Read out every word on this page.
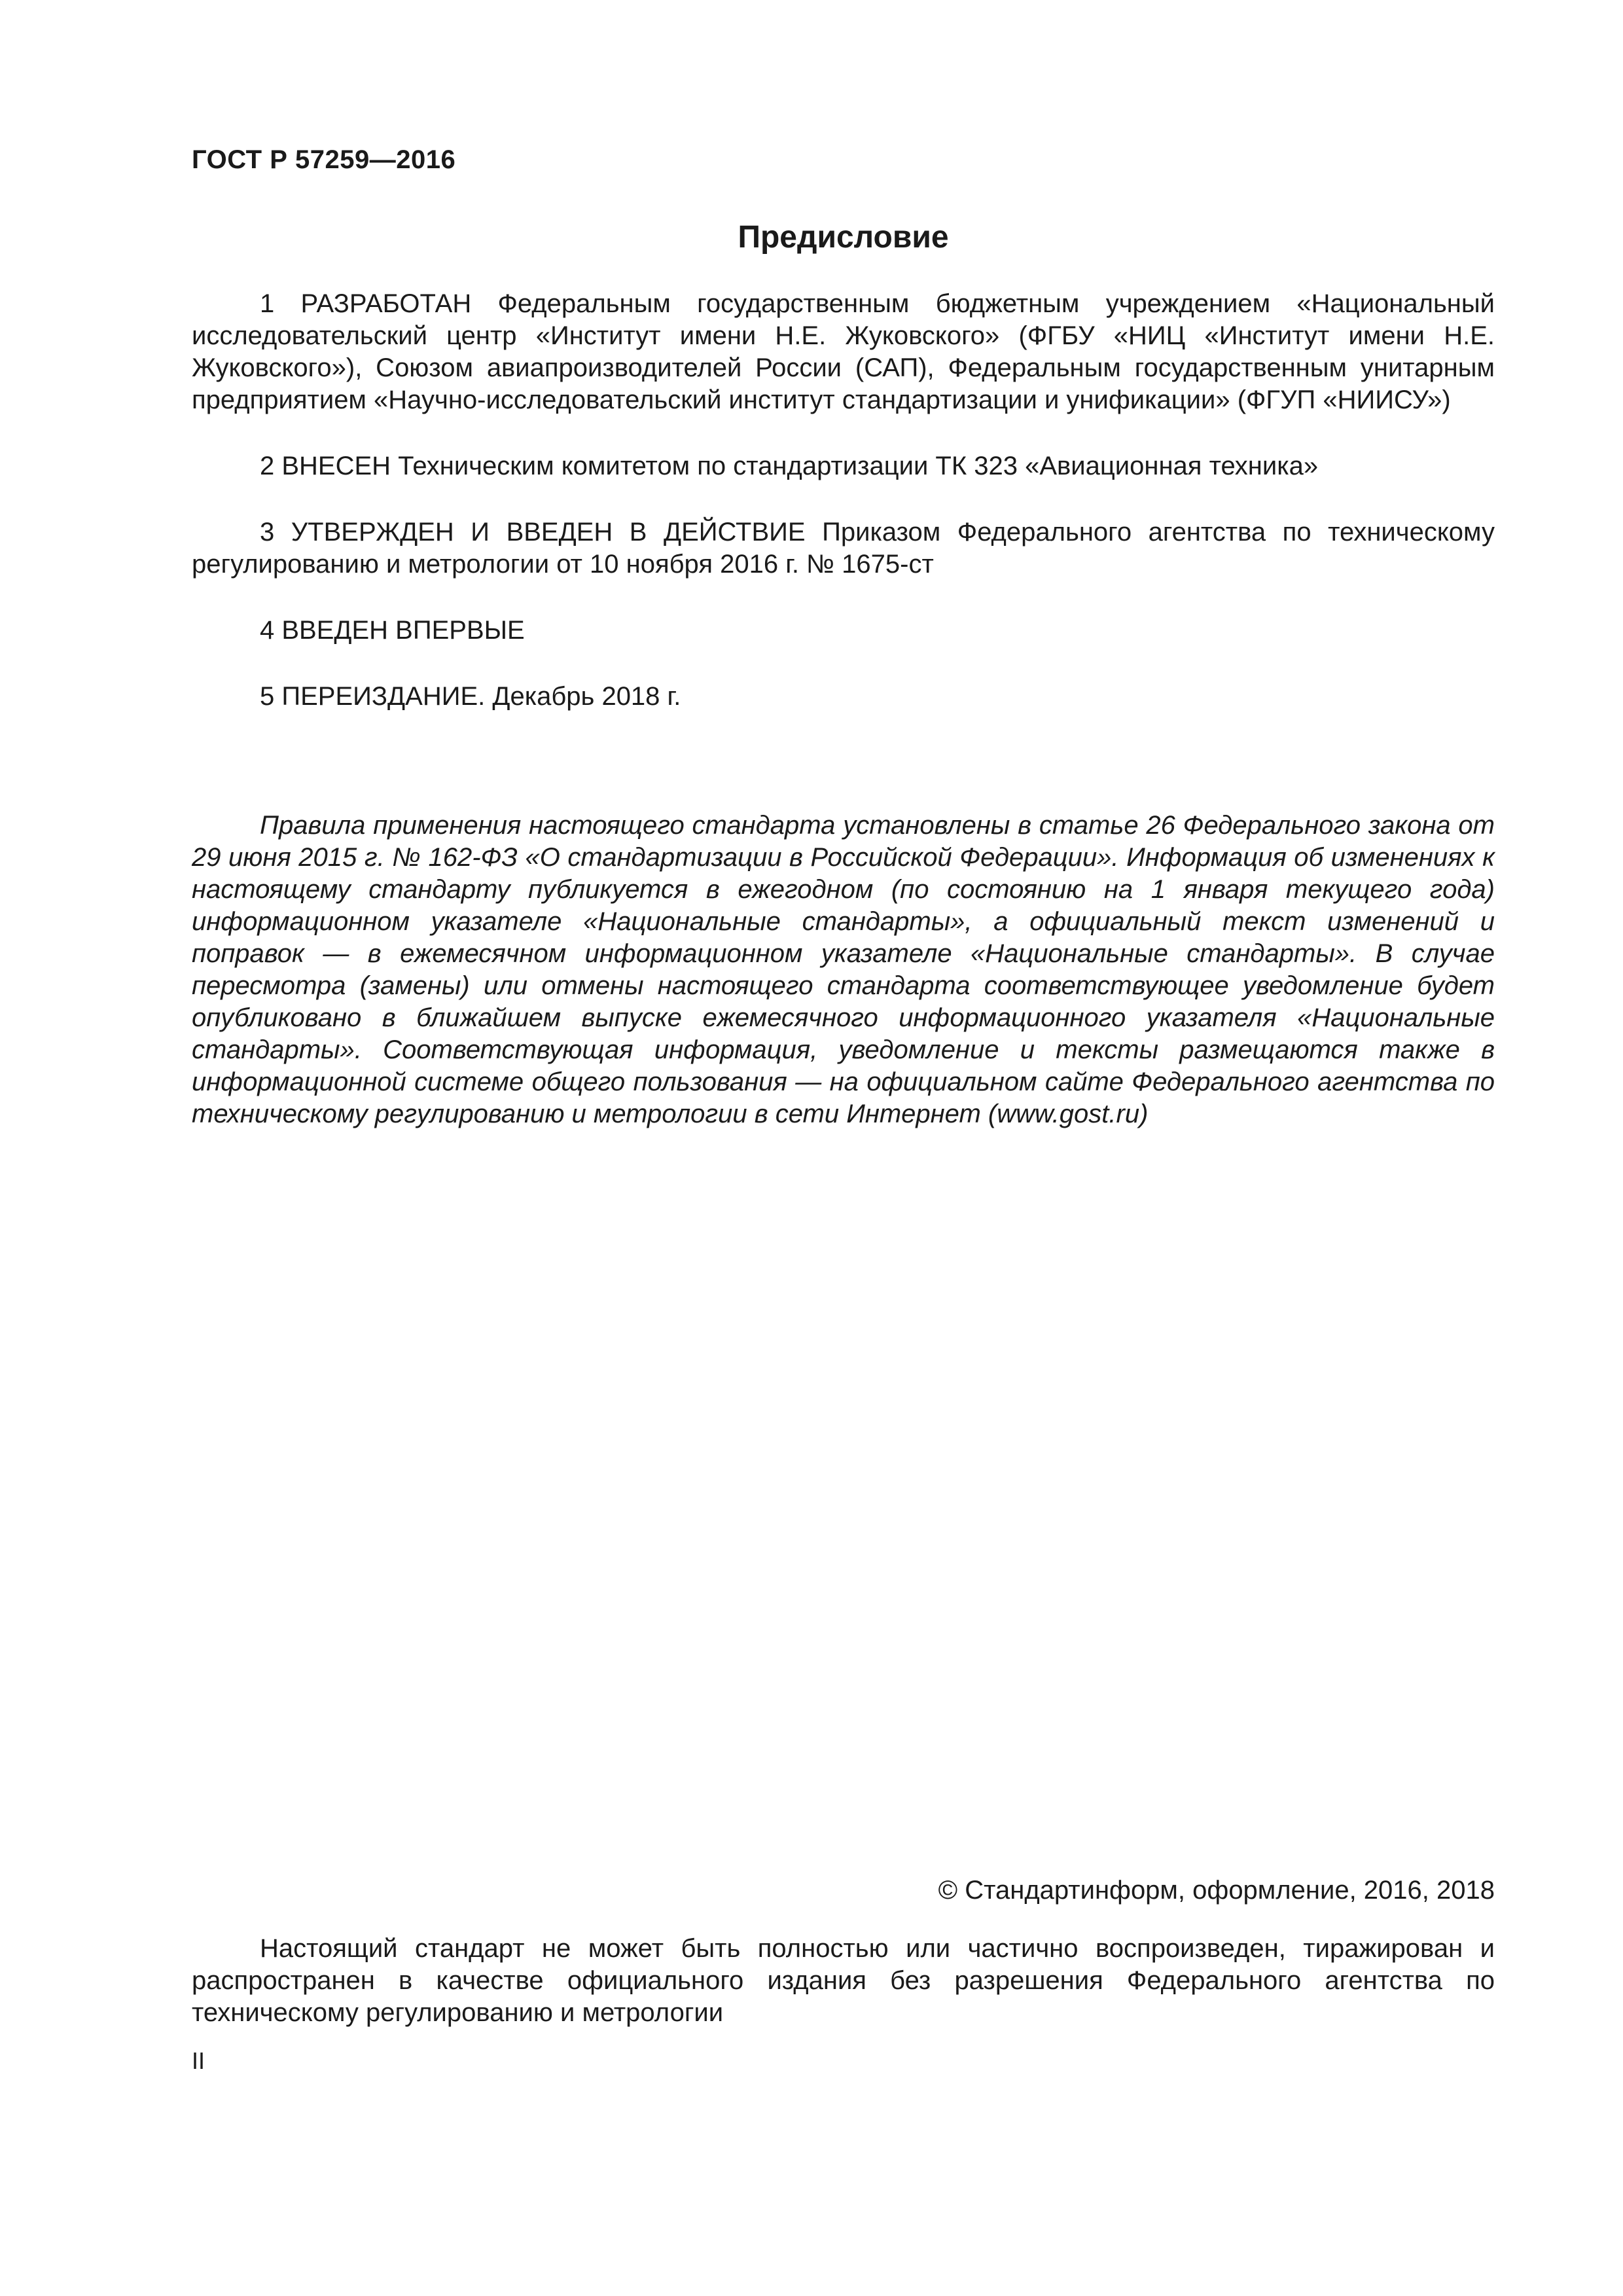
ГОСТ Р 57259—2016

Предисловие

1 РАЗРАБОТАН Федеральным государственным бюджетным учреждением «Национальный исследовательский центр «Институт имени Н.Е. Жуковского» (ФГБУ «НИЦ «Институт имени Н.Е. Жуковского»), Союзом авиапроизводителей России (САП), Федеральным государственным унитарным предприятием «Научно-исследовательский институт стандартизации и унификации» (ФГУП «НИИСУ»)

2 ВНЕСЕН Техническим комитетом по стандартизации ТК 323 «Авиационная техника»

3 УТВЕРЖДЕН И ВВЕДЕН В ДЕЙСТВИЕ Приказом Федерального агентства по техническому регулированию и метрологии от 10 ноября 2016 г. № 1675-ст

4 ВВЕДЕН ВПЕРВЫЕ

5 ПЕРЕИЗДАНИЕ. Декабрь 2018 г.

Правила применения настоящего стандарта установлены в статье 26 Федерального закона от 29 июня 2015 г. № 162-ФЗ «О стандартизации в Российской Федерации». Информация об изменениях к настоящему стандарту публикуется в ежегодном (по состоянию на 1 января текущего года) информационном указателе «Национальные стандарты», а официальный текст изменений и поправок — в ежемесячном информационном указателе «Национальные стандарты». В случае пересмотра (замены) или отмены настоящего стандарта соответствующее уведомление будет опубликовано в ближайшем выпуске ежемесячного информационного указателя «Национальные стандарты». Соответствующая информация, уведомление и тексты размещаются также в информационной системе общего пользования — на официальном сайте Федерального агентства по техническому регулированию и метрологии в сети Интернет (www.gost.ru)

© Стандартинформ, оформление, 2016, 2018

Настоящий стандарт не может быть полностью или частично воспроизведен, тиражирован и распространен в качестве официального издания без разрешения Федерального агентства по техническому регулированию и метрологии

II
